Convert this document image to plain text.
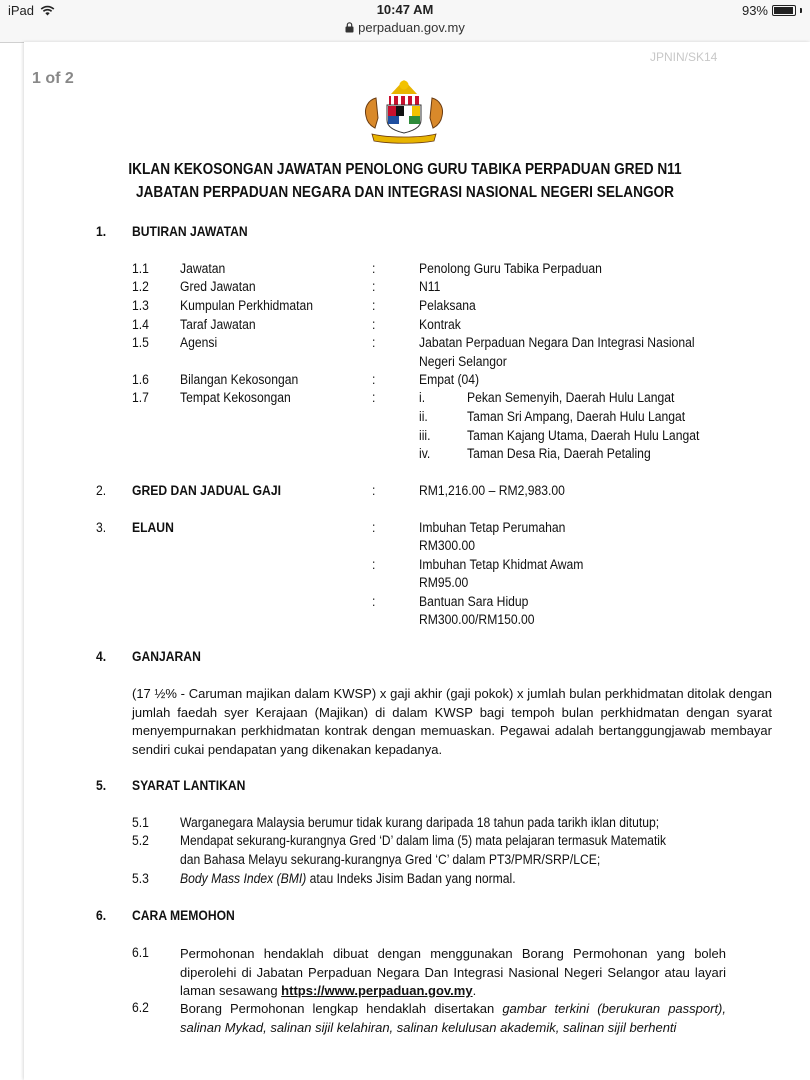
iPad	10:47 AM	93%
perpaduan.gov.my
1 of 2
JPNIN/SK14
IKLAN KEKOSONGAN JAWATAN PENOLONG GURU TABIKA PERPADUAN GRED N11
JABATAN PERPADUAN NEGARA DAN INTEGRASI NASIONAL NEGERI SELANGOR
1. BUTIRAN JAWATAN
1.1 Jawatan	:	Penolong Guru Tabika Perpaduan
1.2 Gred Jawatan	:	N11
1.3 Kumpulan Perkhidmatan	:	Pelaksana
1.4 Taraf Jawatan	:	Kontrak
1.5 Agensi	:	Jabatan Perpaduan Negara Dan Integrasi Nasional
Negeri Selangor
1.6 Bilangan Kekosongan	:	Empat (04)
1.7 Tempat Kekosongan	:	i.	Pekan Semenyih, Daerah Hulu Langat
ii.	Taman Sri Ampang, Daerah Hulu Langat
iii.	Taman Kajang Utama, Daerah Hulu Langat
iv.	Taman Desa Ria, Daerah Petaling
2. GRED DAN JADUAL GAJI	:	RM1,216.00 – RM2,983.00
3. ELAUN	:	Imbuhan Tetap Perumahan
RM300.00
:	Imbuhan Tetap Khidmat Awam
RM95.00
:	Bantuan Sara Hidup
RM300.00/RM150.00
4. GANJARAN
(17 ½% - Caruman majikan dalam KWSP) x gaji akhir (gaji pokok) x jumlah bulan perkhidmatan ditolak dengan jumlah faedah syer Kerajaan (Majikan) di dalam KWSP bagi tempoh bulan perkhidmatan dengan syarat menyempurnakan perkhidmatan kontrak dengan memuaskan. Pegawai adalah bertanggungjawab membayar sendiri cukai pendapatan yang dikenakan kepadanya.
5. SYARAT LANTIKAN
5.1 Warganegara Malaysia berumur tidak kurang daripada 18 tahun pada tarikh iklan ditutup;
5.2 Mendapat sekurang-kurangnya Gred ‘D’ dalam lima (5) mata pelajaran termasuk Matematik
dan Bahasa Melayu sekurang-kurangnya Gred ‘C’ dalam PT3/PMR/SRP/LCE;
5.3 Body Mass Index (BMI) atau Indeks Jisim Badan yang normal.
6. CARA MEMOHON
6.1 Permohonan hendaklah dibuat dengan menggunakan Borang Permohonan yang boleh diperolehi di Jabatan Perpaduan Negara Dan Integrasi Nasional Negeri Selangor atau layari laman sesawang https://www.perpaduan.gov.my.
6.2 Borang Permohonan lengkap hendaklah disertakan gambar terkini (berukuran passport), salinan Mykad, salinan sijil kelahiran, salinan kelulusan akademik, salinan sijil berhenti
